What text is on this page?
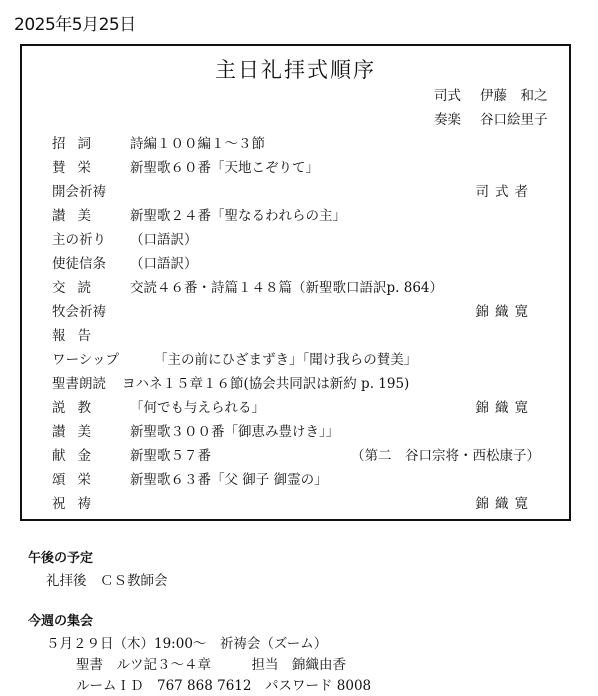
2025年5月25日
主日礼拝式順序
司式 伊藤　和之
奏楽 谷口絵里子
招詞 詩編１００編１～３節
賛栄 新聖歌６０番「天地こぞりて」
開会祈祷	司式者
讃美 新聖歌２４番「聖なるわれらの主」
主の祈り （口語訳）
使徒信条 （口語訳）
交読 交読４６番・詩篇１４８篇（新聖歌口語訳p. 864）
牧会祈祷	錦織寛
報告
ワーシップ	「主の前にひざまずき」「聞け我らの賛美」
聖書朗読 ヨハネ１５章１６節(協会共同訳は新約 p. 195)
説教 「何でも与えられる」	錦織寛
讃美 新聖歌３００番「御恵み豊けき」」
献金 新聖歌５７番	（第二　谷口宗将・西松康子）
頌栄 新聖歌６３番「父 御子 御霊の」
祝祷	錦織寛
午後の予定
礼拝後　ＣＳ教師会
今週の集会
５月２９日（木）19:00～　祈祷会（ズーム）
聖書　ルツ記３～４章　　　担当　錦織由香
ルームＩＤ　767 868 7612　パスワード 8008
